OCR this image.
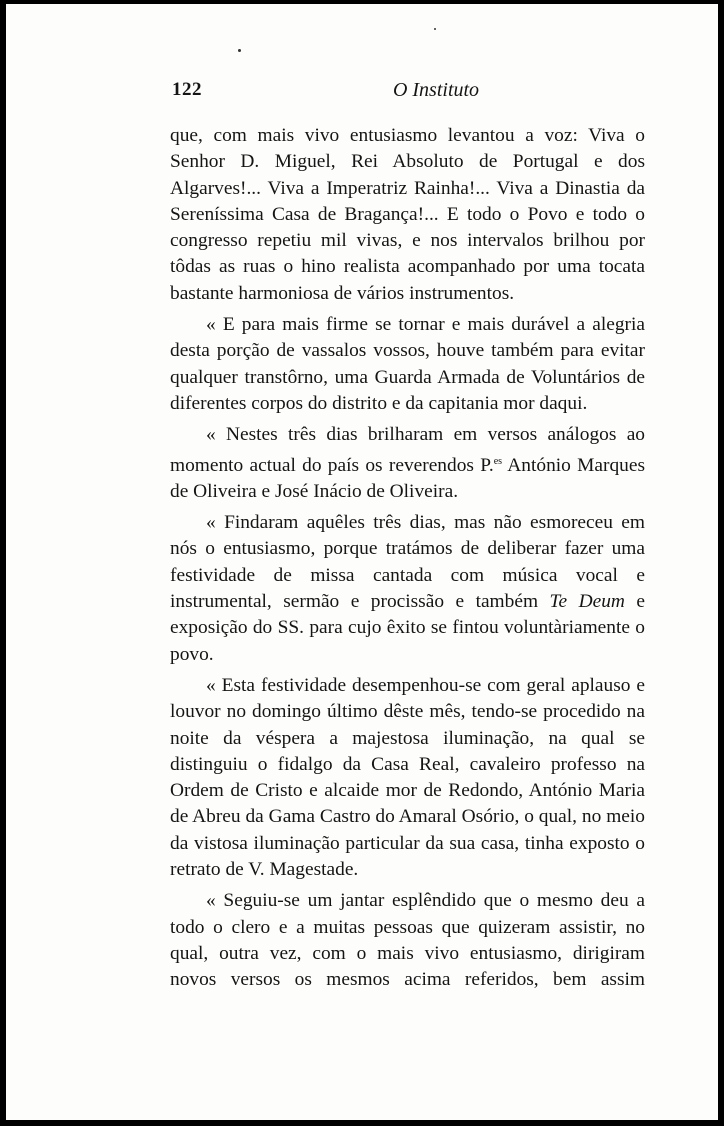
122	O Instituto

que, com mais vivo entusiasmo levantou a voz: Viva o Senhor D. Miguel, Rei Absoluto de Portugal e dos Algarves!... Viva a Imperatriz Rainha!... Viva a Dinastia da Sereníssima Casa de Bragança!... E todo o Povo e todo o congresso repetiu mil vivas, e nos intervalos brilhou por tôdas as ruas o hino realista acompanhado por uma tocata bastante harmoniosa de vários instrumentos.

« E para mais firme se tornar e mais durável a alegria desta porção de vassalos vossos, houve também para evitar qualquer transtôrno, uma Guarda Armada de Voluntários de diferentes corpos do distrito e da capitania mor daqui.

« Nestes três dias brilharam em versos análogos ao momento actual do país os reverendos P.$^{es}$ António Marques de Oliveira e José Inácio de Oliveira.

« Findaram aquêles três dias, mas não esmoreceu em nós o entusiasmo, porque tratámos de deliberar fazer uma festividade de missa cantada com música vocal e instrumental, sermão e procissão e também Te Deum e exposição do SS. para cujo êxito se fintou voluntàriamente o povo.

« Esta festividade desempenhou-se com geral aplauso e louvor no domingo último dêste mês, tendo-se procedido na noite da véspera a majestosa iluminação, na qual se distinguiu o fidalgo da Casa Real, cavaleiro professo na Ordem de Cristo e alcaide mor de Redondo, António Maria de Abreu da Gama Castro do Amaral Osório, o qual, no meio da vistosa iluminação particular da sua casa, tinha exposto o retrato de V. Magestade.

« Seguiu-se um jantar esplêndido que o mesmo deu a todo o clero e a muitas pessoas que quizeram assistir, no qual, outra vez, com o mais vivo entusiasmo, dirigiram novos versos os mesmos acima referidos, bem assim
